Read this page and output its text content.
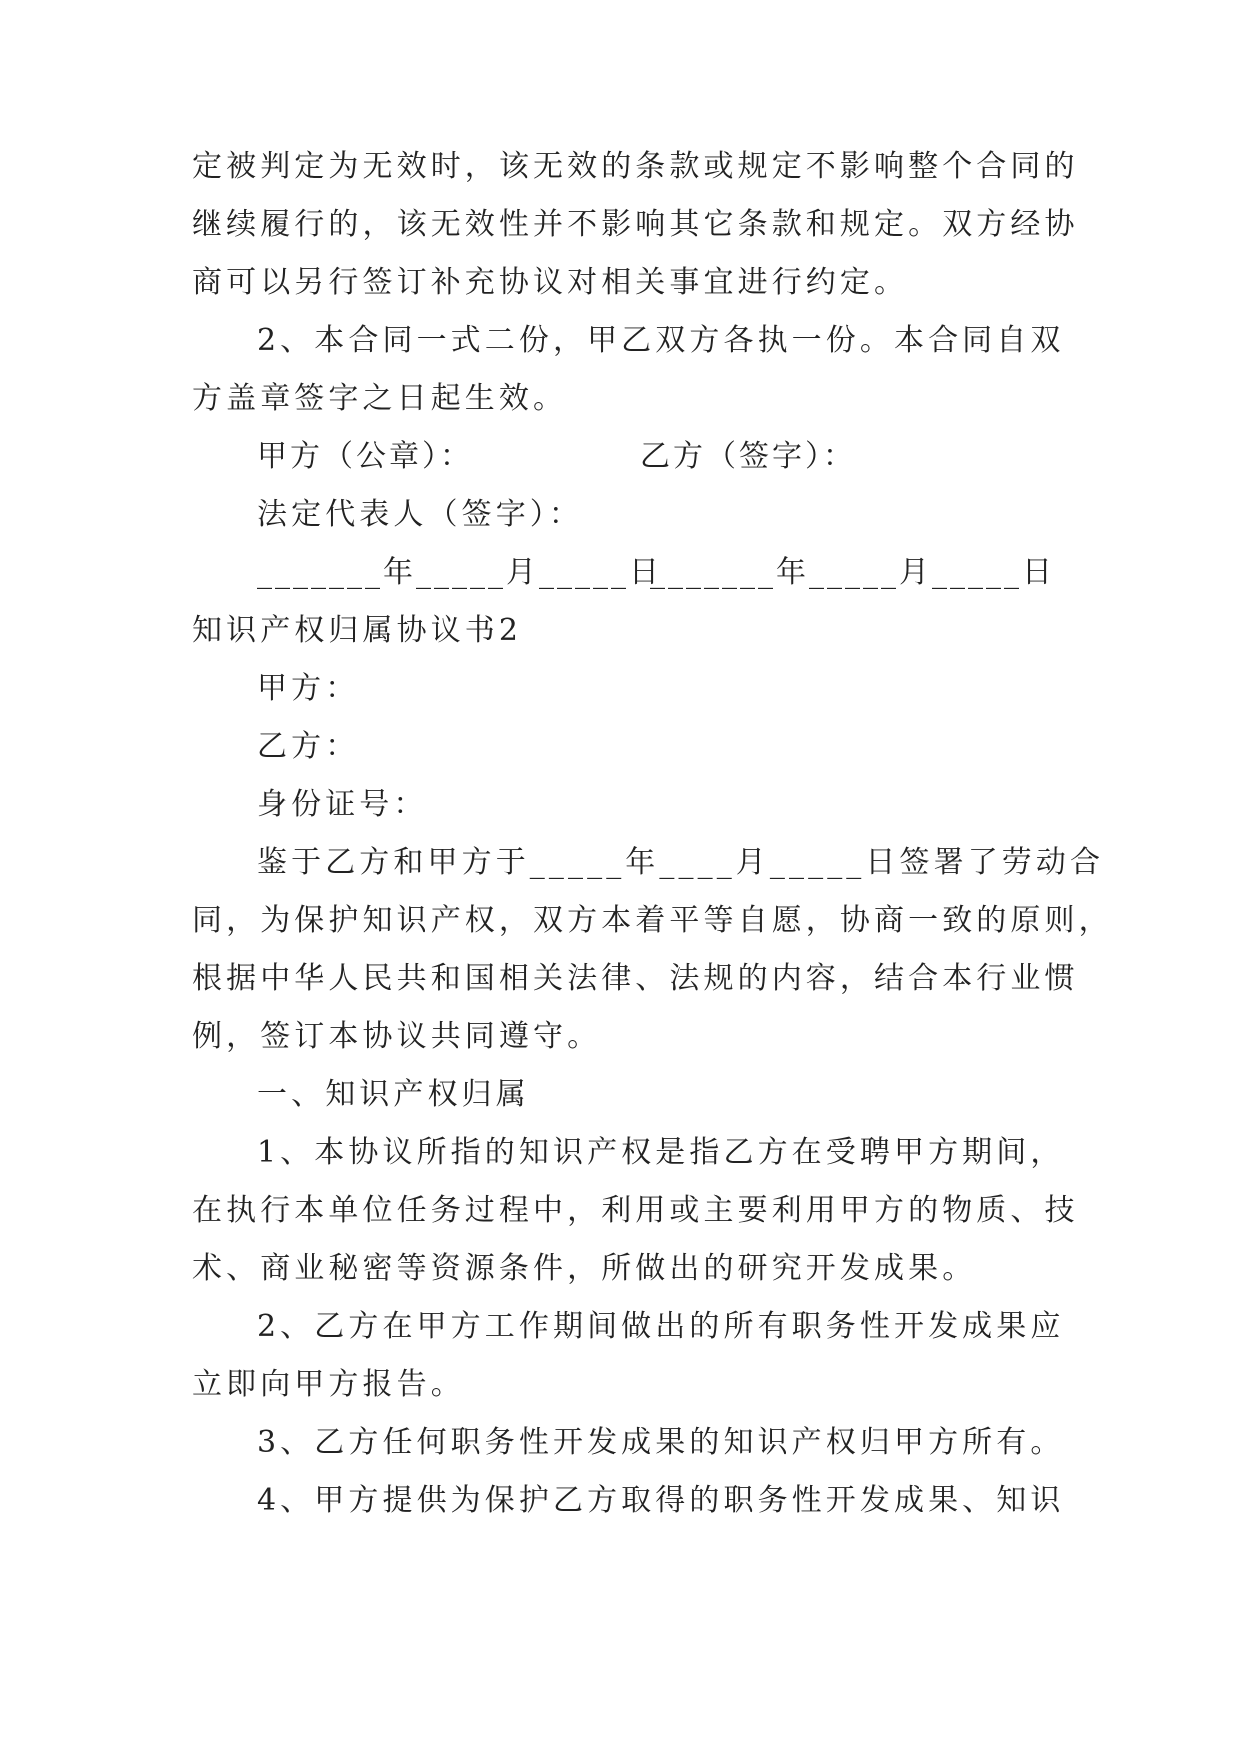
定被判定为无效时，该无效的条款或规定不影响整个合同的
继续履行的，该无效性并不影响其它条款和规定。双方经协
商可以另行签订补充协议对相关事宜进行约定。
2、本合同一式二份，甲乙双方各执一份。本合同自双
方盖章签字之日起生效。
甲方（公章）：	乙方（签字）：
法定代表人（签字）：
_______年_____月_____日
_______年_____月_____日
知识产权归属协议书2
甲方：
乙方：
身份证号：
鉴于乙方和甲方于_____年____月_____日签署了劳动合
同，为保护知识产权，双方本着平等自愿，协商一致的原则，
根据中华人民共和国相关法律、法规的内容，结合本行业惯
例，签订本协议共同遵守。
一、知识产权归属
1、本协议所指的知识产权是指乙方在受聘甲方期间，
在执行本单位任务过程中，利用或主要利用甲方的物质、技
术、商业秘密等资源条件，所做出的研究开发成果。
2、乙方在甲方工作期间做出的所有职务性开发成果应
立即向甲方报告。
3、乙方任何职务性开发成果的知识产权归甲方所有。
4、甲方提供为保护乙方取得的职务性开发成果、知识
